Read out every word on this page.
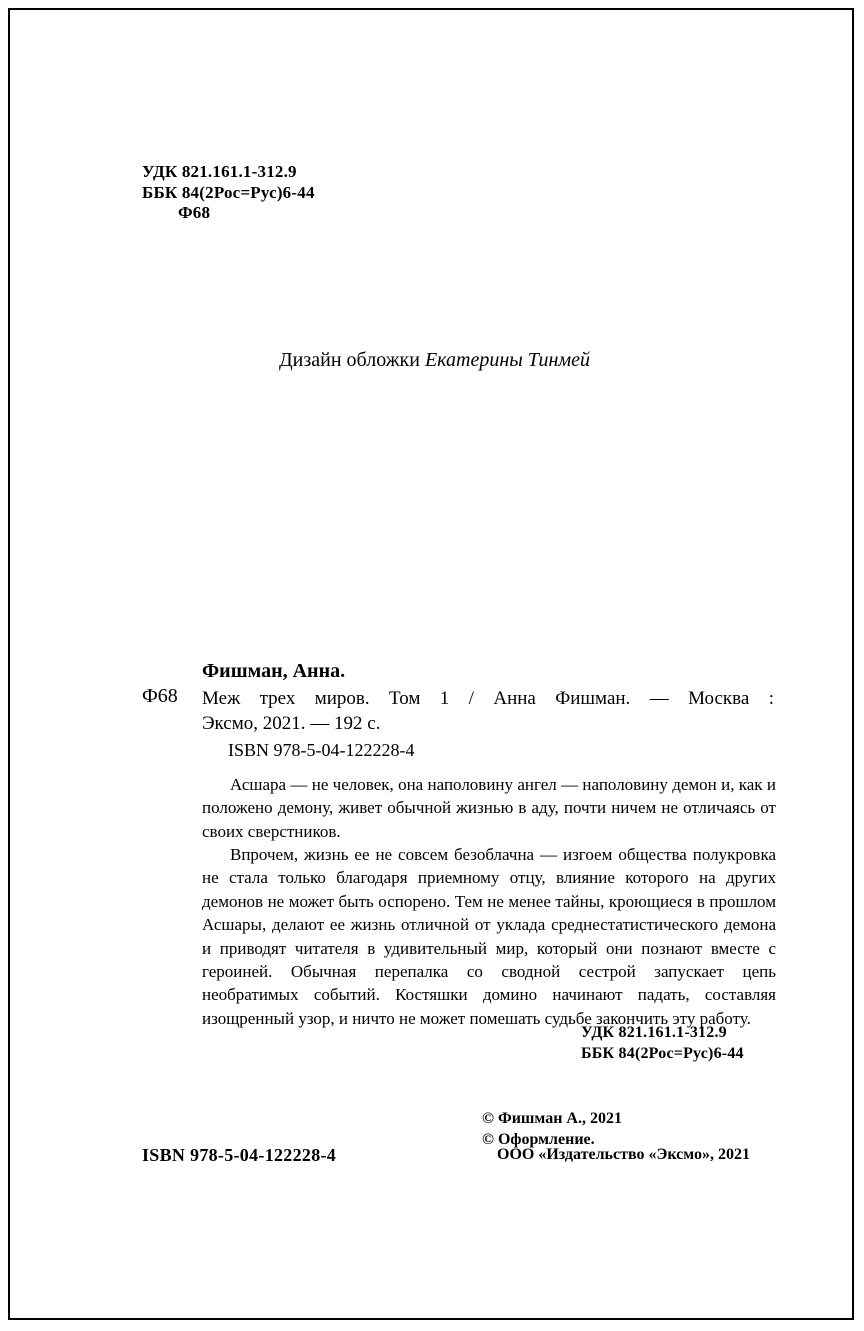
УДК 821.161.1-312.9
ББК 84(2Рос=Рус)6-44
Ф68
Дизайн обложки Екатерины Тинмей
Фишман, Анна.
Ф68 Меж трех миров. Том 1 / Анна Фишман. — Москва :
Эксмо, 2021. — 192 с.
ISBN 978-5-04-122228-4

Асшара — не человек, она наполовину ангел — наполовину демон и, как и положено демону, живет обычной жизнью в аду, почти ничем не отличаясь от своих сверстников.

Впрочем, жизнь ее не совсем безоблачна — изгоем общества полукровка не стала только благодаря приемному отцу, влияние которого на других демонов не может быть оспорено. Тем не менее тайны, кроющиеся в прошлом Асшары, делают ее жизнь отличной от уклада среднестатистического демона и приводят читателя в удивительный мир, который они познают вместе с героиней. Обычная перепалка со сводной сестрой запускает цепь необратимых событий. Костяшки домино начинают падать, составляя изощренный узор, и ничто не может помешать судьбе закончить эту работу.

УДК 821.161.1-312.9
ББК 84(2Рос=Рус)6-44
ISBN 978-5-04-122228-4
© Фишман А., 2021
© Оформление.
ООО «Издательство «Эксмо», 2021
